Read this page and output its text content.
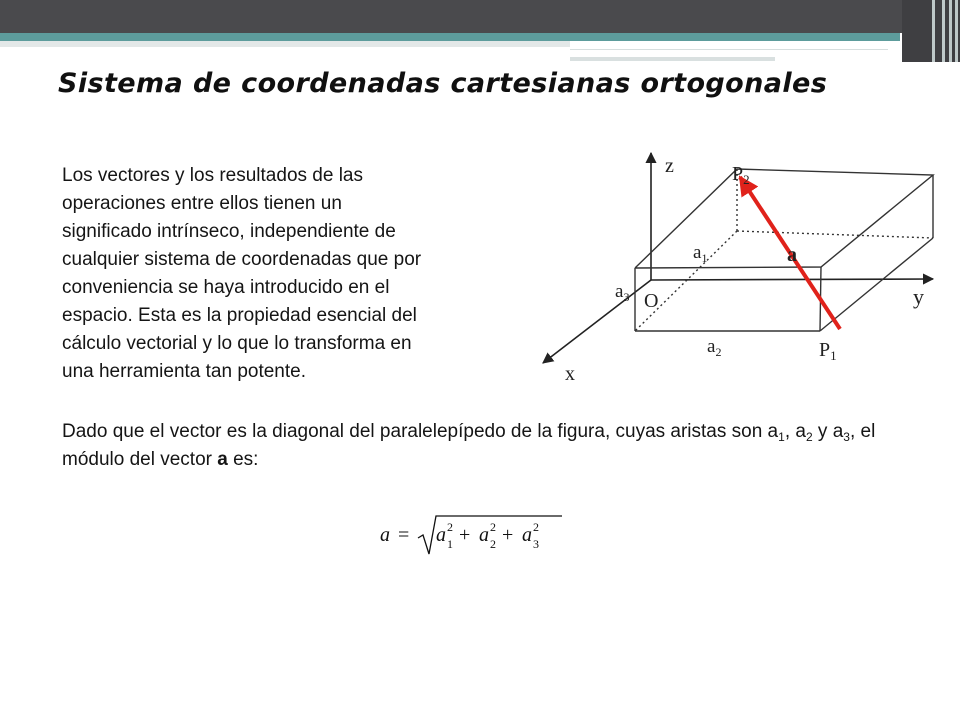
Sistema de coordenadas cartesianas ortogonales

Los vectores y los resultados de las
operaciones entre ellos tienen un
significado intrínseco, independiente de
cualquier sistema de coordenadas que por
conveniencia se haya introducido en el
espacio. Esta es la propiedad esencial del
cálculo vectorial y lo que lo transforma en
una herramienta tan potente.

Dado que el vector es la diagonal del paralelepípedo de la figura, cuyas aristas son $a_1$, $a_2$ y $a_3$, el módulo del vector a es:

z
y
x
O
$P_2$
$P_1$
a
$a_1$
$a_2$
$a_3$
a = a 2
1 + a 2
2 + a 2
3
